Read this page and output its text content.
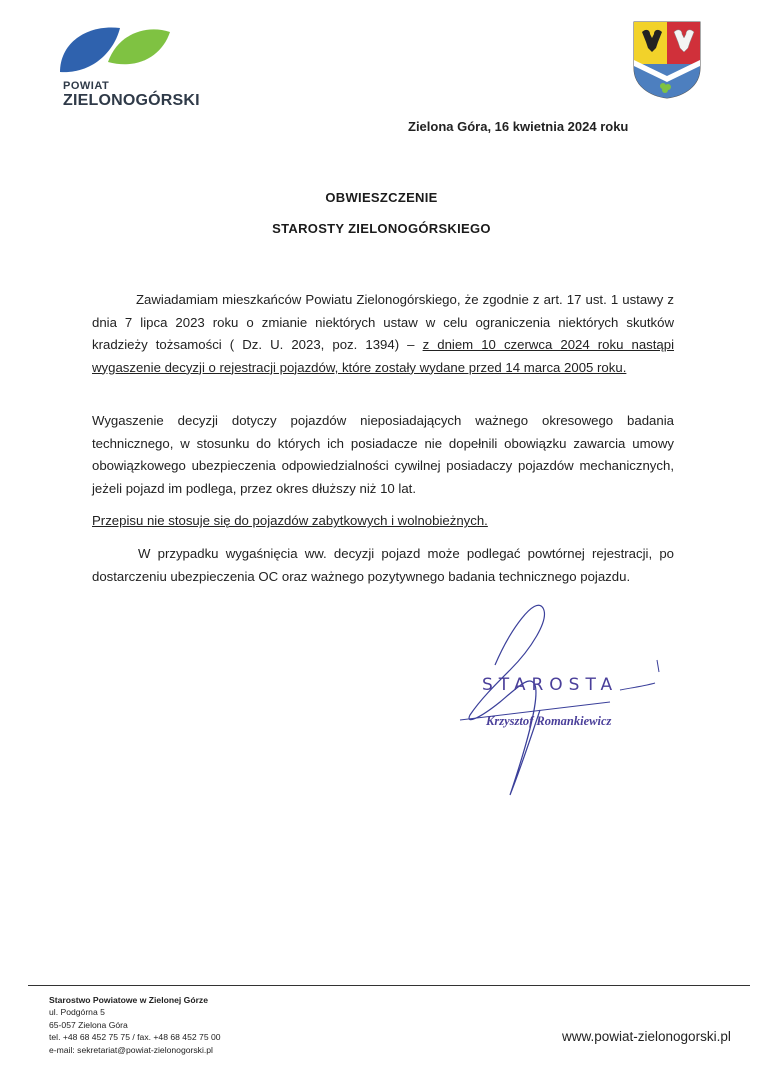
POWIAT
ZIELONOGÓRSKI
Zielona Góra, 16 kwietnia 2024 roku
OBWIESZCZENIE
STAROSTY ZIELONOGÓRSKIEGO
Zawiadamiam mieszkańców Powiatu Zielonogórskiego, że zgodnie z art. 17 ust. 1 ustawy z dnia 7 lipca 2023 roku o zmianie niektórych ustaw w celu ograniczenia niektórych skutków kradzieży tożsamości ( Dz. U. 2023, poz. 1394) – z dniem 10 czerwca 2024 roku nastąpi wygaszenie decyzji o rejestracji pojazdów, które zostały wydane przed 14 marca 2005 roku.
Wygaszenie decyzji dotyczy pojazdów nieposiadających ważnego okresowego badania technicznego, w stosunku do których ich posiadacze nie dopełnili obowiązku zawarcia umowy obowiązkowego ubezpieczenia odpowiedzialności cywilnej posiadaczy pojazdów mechanicznych, jeżeli pojazd im podlega, przez okres dłuższy niż 10 lat.
Przepisu nie stosuje się do pojazdów zabytkowych i wolnobieżnych.
W przypadku wygaśnięcia ww. decyzji pojazd może podlegać powtórnej rejestracji, po dostarczeniu ubezpieczenia OC oraz ważnego pozytywnego badania technicznego pojazdu.
STAROSTA
Krzysztof Romankiewicz
Starostwo Powiatowe w Zielonej Górze
ul. Podgórna 5
65-057 Zielona Góra
tel. +48 68 452 75 75 / fax. +48 68 452 75 00
e-mail: sekretariat@powiat-zielonogorski.pl
www.powiat-zielonogorski.pl
